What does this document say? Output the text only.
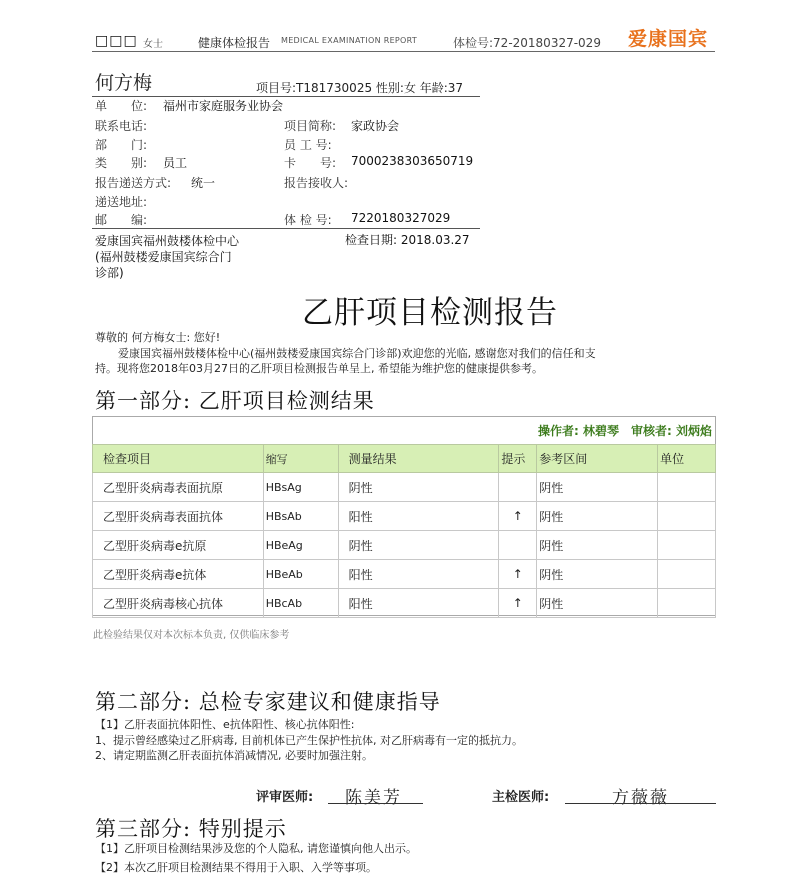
□□□ 女士	健康体检报告 MEDICAL EXAMINATION REPORT	体检号:72-20180327-029 爱康国宾
何方梅	项目号:T181730025 性别:女 年龄:37
单　　位: 福州市家庭服务业协会
联系电话:	项目简称: 家政协会
部　　门:	员 工 号:
类　　别: 员工	卡　　号: 7000238303650719
报告递送方式: 统一	报告接收人:
递送地址:
邮　　编:	体 检 号: 7220180327029
爱康国宾福州鼓楼体检中心
(福州鼓楼爱康国宾综合门
诊部)
检查日期: 2018.03.27
乙肝项目检测报告
尊敬的 何方梅女士: 您好!
爱康国宾福州鼓楼体检中心(福州鼓楼爱康国宾综合门诊部)欢迎您的光临, 感谢您对我们的信任和支
持。现将您2018年03月27日的乙肝项目检测报告单呈上, 希望能为维护您的健康提供参考。
第一部分: 乙肝项目检测结果
操作者: 林碧琴　审核者: 刘炳焰
检查项目	缩写	测量结果	提示	参考区间	单位
乙型肝炎病毒表面抗原	HBsAg	阴性		阴性	
乙型肝炎病毒表面抗体	HBsAb	阳性	↑	阴性	
乙型肝炎病毒e抗原	HBeAg	阴性		阴性	
乙型肝炎病毒e抗体	HBeAb	阳性	↑	阴性	
乙型肝炎病毒核心抗体	HBcAb	阳性	↑	阴性	
此检验结果仅对本次标本负责, 仅供临床参考
第二部分: 总检专家建议和健康指导
【1】乙肝表面抗体阳性、e抗体阳性、核心抗体阳性:
1、提示曾经感染过乙肝病毒, 目前机体已产生保护性抗体, 对乙肝病毒有一定的抵抗力。
2、请定期监测乙肝表面抗体消减情况, 必要时加强注射。
评审医师: 陈美芳	主检医师:	方薇薇
第三部分: 特别提示
【1】乙肝项目检测结果涉及您的个人隐私, 请您谨慎向他人出示。
【2】本次乙肝项目检测结果不得用于入职、入学等事项。
